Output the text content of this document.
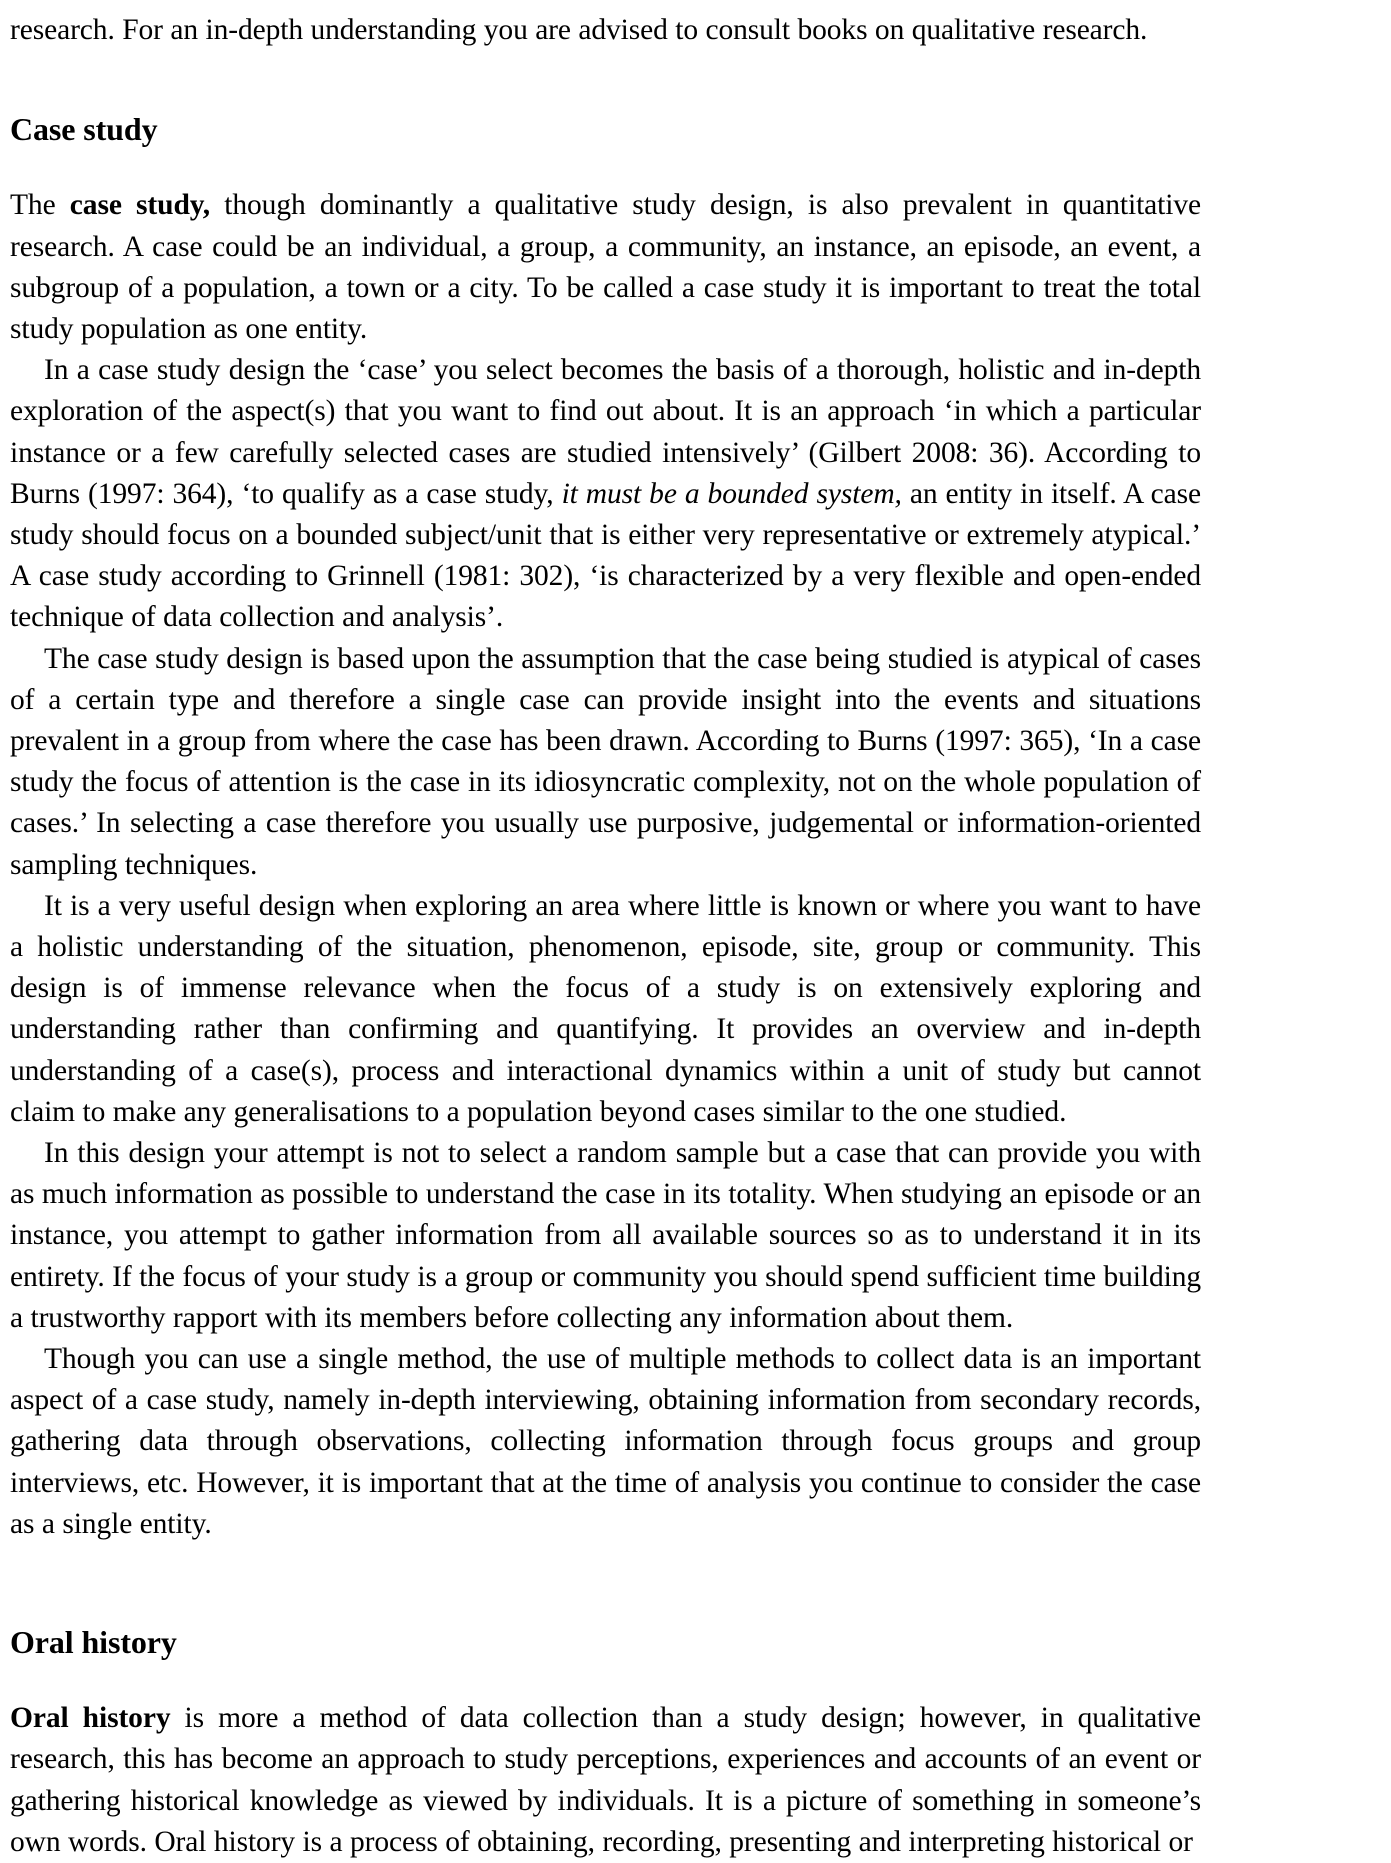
research. For an in-depth understanding you are advised to consult books on qualitative research.

Case study

The case study, though dominantly a qualitative study design, is also prevalent in quantitative research. A case could be an individual, a group, a community, an instance, an episode, an event, a subgroup of a population, a town or a city. To be called a case study it is important to treat the total study population as one entity.

In a case study design the ‘case’ you select becomes the basis of a thorough, holistic and in-depth exploration of the aspect(s) that you want to find out about. It is an approach ‘in which a particular instance or a few carefully selected cases are studied intensively’ (Gilbert 2008: 36). According to Burns (1997: 364), ‘to qualify as a case study, it must be a bounded system, an entity in itself. A case study should focus on a bounded subject/unit that is either very representative or extremely atypical.’ A case study according to Grinnell (1981: 302), ‘is characterized by a very flexible and open-ended technique of data collection and analysis’.

The case study design is based upon the assumption that the case being studied is atypical of cases of a certain type and therefore a single case can provide insight into the events and situations prevalent in a group from where the case has been drawn. According to Burns (1997: 365), ‘In a case study the focus of attention is the case in its idiosyncratic complexity, not on the whole population of cases.’ In selecting a case therefore you usually use purposive, judgemental or information-oriented sampling techniques.

It is a very useful design when exploring an area where little is known or where you want to have a holistic understanding of the situation, phenomenon, episode, site, group or community. This design is of immense relevance when the focus of a study is on extensively exploring and understanding rather than confirming and quantifying. It provides an overview and in-depth understanding of a case(s), process and interactional dynamics within a unit of study but cannot claim to make any generalisations to a population beyond cases similar to the one studied.

In this design your attempt is not to select a random sample but a case that can provide you with as much information as possible to understand the case in its totality. When studying an episode or an instance, you attempt to gather information from all available sources so as to understand it in its entirety. If the focus of your study is a group or community you should spend sufficient time building a trustworthy rapport with its members before collecting any information about them.

Though you can use a single method, the use of multiple methods to collect data is an important aspect of a case study, namely in-depth interviewing, obtaining information from secondary records, gathering data through observations, collecting information through focus groups and group interviews, etc. However, it is important that at the time of analysis you continue to consider the case as a single entity.

Oral history

Oral history is more a method of data collection than a study design; however, in qualitative research, this has become an approach to study perceptions, experiences and accounts of an event or gathering historical knowledge as viewed by individuals. It is a picture of something in someone’s own words. Oral history is a process of obtaining, recording, presenting and interpreting historical or
